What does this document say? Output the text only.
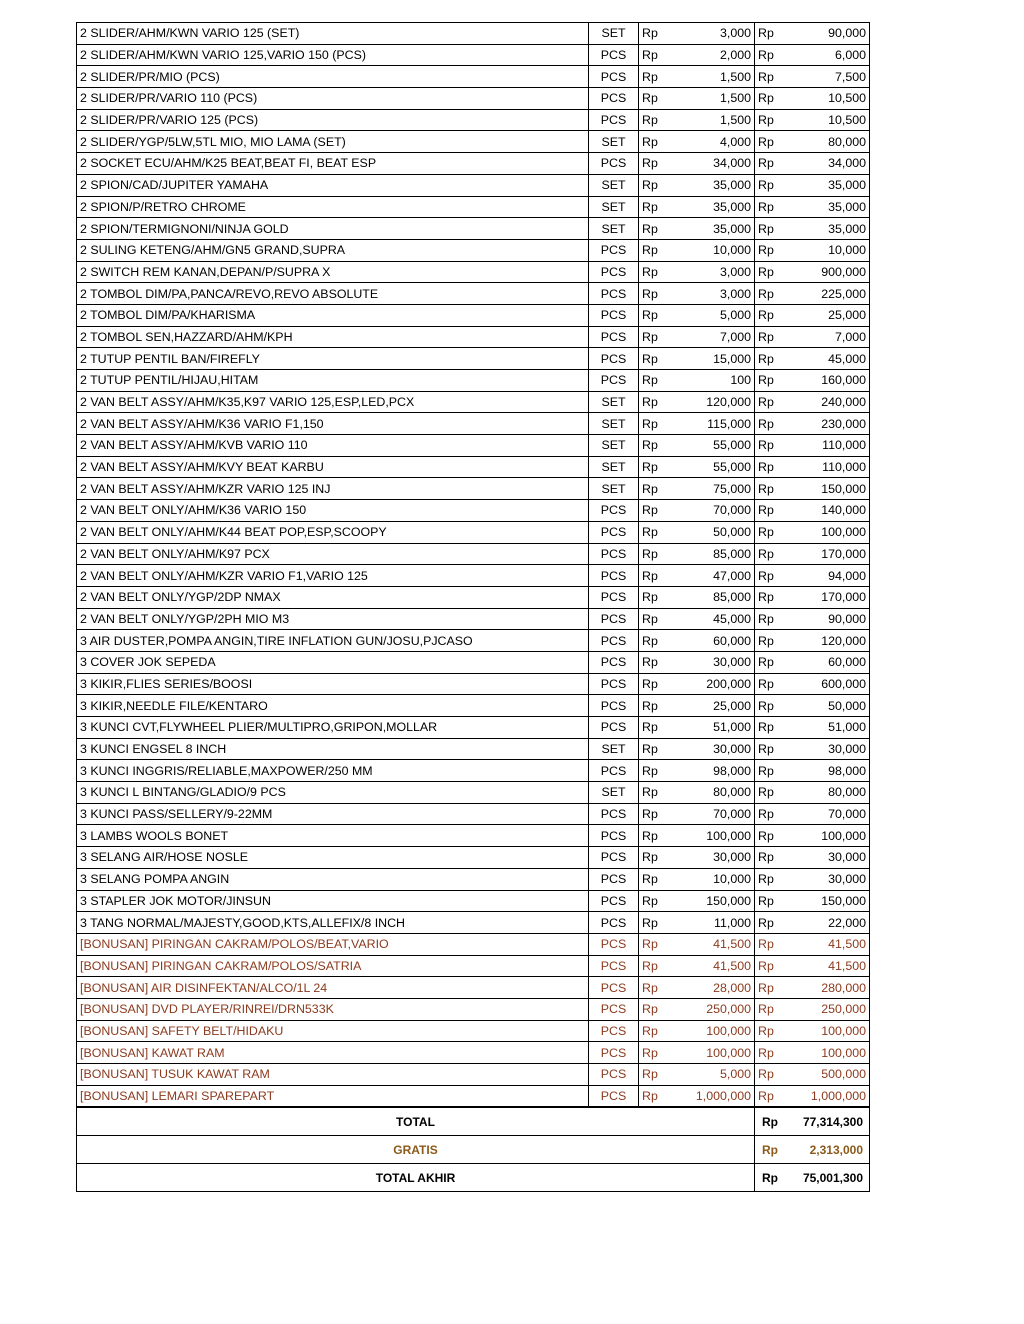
2 SLIDER/AHM/KWN VARIO 125 (SET)	SET	Rp	3,000	Rp	90,000
2 SLIDER/AHM/KWN VARIO 125,VARIO 150 (PCS)	PCS	Rp	2,000	Rp	6,000
2 SLIDER/PR/MIO (PCS)	PCS	Rp	1,500	Rp	7,500
2 SLIDER/PR/VARIO 110 (PCS)	PCS	Rp	1,500	Rp	10,500
2 SLIDER/PR/VARIO 125 (PCS)	PCS	Rp	1,500	Rp	10,500
2 SLIDER/YGP/5LW,5TL MIO, MIO LAMA (SET)	SET	Rp	4,000	Rp	80,000
2 SOCKET ECU/AHM/K25 BEAT,BEAT FI, BEAT ESP	PCS	Rp	34,000	Rp	34,000
2 SPION/CAD/JUPITER YAMAHA	SET	Rp	35,000	Rp	35,000
2 SPION/P/RETRO CHROME	SET	Rp	35,000	Rp	35,000
2 SPION/TERMIGNONI/NINJA GOLD	SET	Rp	35,000	Rp	35,000
2 SULING KETENG/AHM/GN5 GRAND,SUPRA	PCS	Rp	10,000	Rp	10,000
2 SWITCH REM KANAN,DEPAN/P/SUPRA X	PCS	Rp	3,000	Rp	900,000
2 TOMBOL DIM/PA,PANCA/REVO,REVO ABSOLUTE	PCS	Rp	3,000	Rp	225,000
2 TOMBOL DIM/PA/KHARISMA	PCS	Rp	5,000	Rp	25,000
2 TOMBOL SEN,HAZZARD/AHM/KPH	PCS	Rp	7,000	Rp	7,000
2 TUTUP PENTIL BAN/FIREFLY	PCS	Rp	15,000	Rp	45,000
2 TUTUP PENTIL/HIJAU,HITAM	PCS	Rp	100	Rp	160,000
2 VAN BELT ASSY/AHM/K35,K97 VARIO 125,ESP,LED,PCX	SET	Rp	120,000	Rp	240,000
2 VAN BELT ASSY/AHM/K36 VARIO F1,150	SET	Rp	115,000	Rp	230,000
2 VAN BELT ASSY/AHM/KVB VARIO 110	SET	Rp	55,000	Rp	110,000
2 VAN BELT ASSY/AHM/KVY BEAT KARBU	SET	Rp	55,000	Rp	110,000
2 VAN BELT ASSY/AHM/KZR VARIO 125 INJ	SET	Rp	75,000	Rp	150,000
2 VAN BELT ONLY/AHM/K36 VARIO 150	PCS	Rp	70,000	Rp	140,000
2 VAN BELT ONLY/AHM/K44 BEAT POP,ESP,SCOOPY	PCS	Rp	50,000	Rp	100,000
2 VAN BELT ONLY/AHM/K97 PCX	PCS	Rp	85,000	Rp	170,000
2 VAN BELT ONLY/AHM/KZR VARIO F1,VARIO 125	PCS	Rp	47,000	Rp	94,000
2 VAN BELT ONLY/YGP/2DP NMAX	PCS	Rp	85,000	Rp	170,000
2 VAN BELT ONLY/YGP/2PH MIO M3	PCS	Rp	45,000	Rp	90,000
3 AIR DUSTER,POMPA ANGIN,TIRE INFLATION GUN/JOSU,PJCASO	PCS	Rp	60,000	Rp	120,000
3 COVER JOK SEPEDA	PCS	Rp	30,000	Rp	60,000
3 KIKIR,FLIES SERIES/BOOSI	PCS	Rp	200,000	Rp	600,000
3 KIKIR,NEEDLE FILE/KENTARO	PCS	Rp	25,000	Rp	50,000
3 KUNCI CVT,FLYWHEEL PLIER/MULTIPRO,GRIPON,MOLLAR	PCS	Rp	51,000	Rp	51,000
3 KUNCI ENGSEL 8 INCH	SET	Rp	30,000	Rp	30,000
3 KUNCI INGGRIS/RELIABLE,MAXPOWER/250 MM	PCS	Rp	98,000	Rp	98,000
3 KUNCI L BINTANG/GLADIO/9 PCS	SET	Rp	80,000	Rp	80,000
3 KUNCI PASS/SELLERY/9-22MM	PCS	Rp	70,000	Rp	70,000
3 LAMBS WOOLS BONET	PCS	Rp	100,000	Rp	100,000
3 SELANG AIR/HOSE NOSLE	PCS	Rp	30,000	Rp	30,000
3 SELANG POMPA ANGIN	PCS	Rp	10,000	Rp	30,000
3 STAPLER JOK MOTOR/JINSUN	PCS	Rp	150,000	Rp	150,000
3 TANG NORMAL/MAJESTY,GOOD,KTS,ALLEFIX/8 INCH	PCS	Rp	11,000	Rp	22,000
[BONUSAN] PIRINGAN CAKRAM/POLOS/BEAT,VARIO	PCS	Rp	41,500	Rp	41,500
[BONUSAN] PIRINGAN CAKRAM/POLOS/SATRIA	PCS	Rp	41,500	Rp	41,500
[BONUSAN] AIR DISINFEKTAN/ALCO/1L 24	PCS	Rp	28,000	Rp	280,000
[BONUSAN] DVD PLAYER/RINREI/DRN533K	PCS	Rp	250,000	Rp	250,000
[BONUSAN] SAFETY BELT/HIDAKU	PCS	Rp	100,000	Rp	100,000
[BONUSAN] KAWAT RAM	PCS	Rp	100,000	Rp	100,000
[BONUSAN] TUSUK KAWAT RAM	PCS	Rp	5,000	Rp	500,000
[BONUSAN] LEMARI SPAREPART	PCS	Rp	1,000,000	Rp	1,000,000
TOTAL	Rp	77,314,300
GRATIS	Rp	2,313,000
TOTAL AKHIR	Rp	75,001,300
